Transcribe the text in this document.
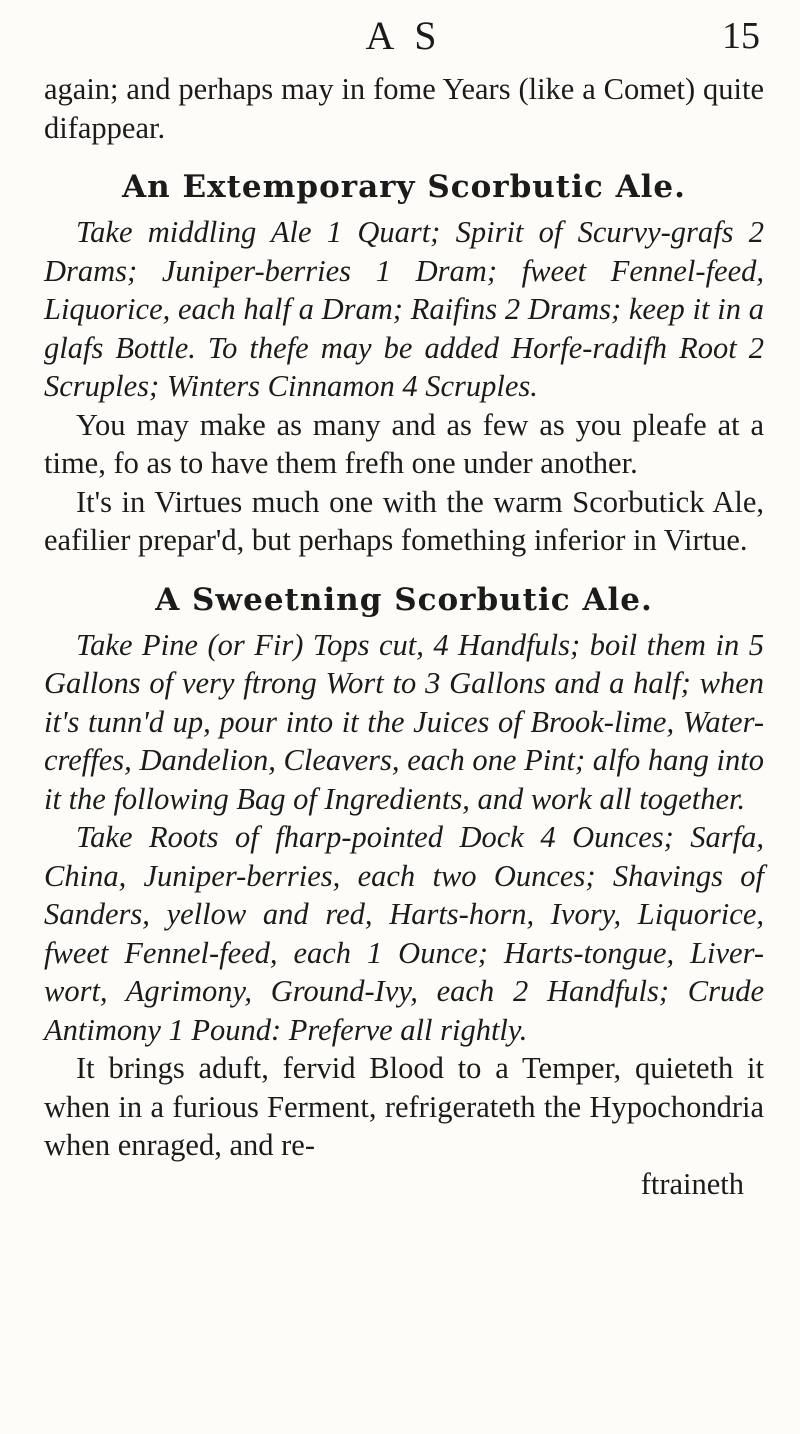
A S	15

again; and perhaps may in fome Years (like a Comet) quite difappear.

An Extemporary Scorbutic Ale.

Take middling Ale 1 Quart; Spirit of Scurvy-grafs 2 Drams; Juniper-berries 1 Dram; fweet Fennel-feed, Liquorice, each half a Dram; Raifins 2 Drams; keep it in a glafs Bottle. To thefe may be added Horfe-radifh Root 2 Scruples; Winters Cinnamon 4 Scruples.

You may make as many and as few as you pleafe at a time, fo as to have them frefh one under another.

It's in Virtues much one with the warm Scorbutick Ale, eafilier prepar'd, but perhaps fomething inferior in Virtue.

A Sweetning Scorbutic Ale.

Take Pine (or Fir) Tops cut, 4 Handfuls; boil them in 5 Gallons of very ftrong Wort to 3 Gallons and a half; when it's tunn'd up, pour into it the Juices of Brook-lime, Water-creffes, Dandelion, Cleavers, each one Pint; alfo hang into it the following Bag of Ingredients, and work all together.

Take Roots of fharp-pointed Dock 4 Ounces; Sarfa, China, Juniper-berries, each two Ounces; Shavings of Sanders, yellow and red, Harts-horn, Ivory, Liquorice, fweet Fennel-feed, each 1 Ounce; Harts-tongue, Liver-wort, Agrimony, Ground-Ivy, each 2 Handfuls; Crude Antimony 1 Pound: Preferve all rightly.

It brings aduft, fervid Blood to a Temper, quieteth it when in a furious Ferment, refrigerateth the Hypochondria when enraged, and re-

ftraineth
